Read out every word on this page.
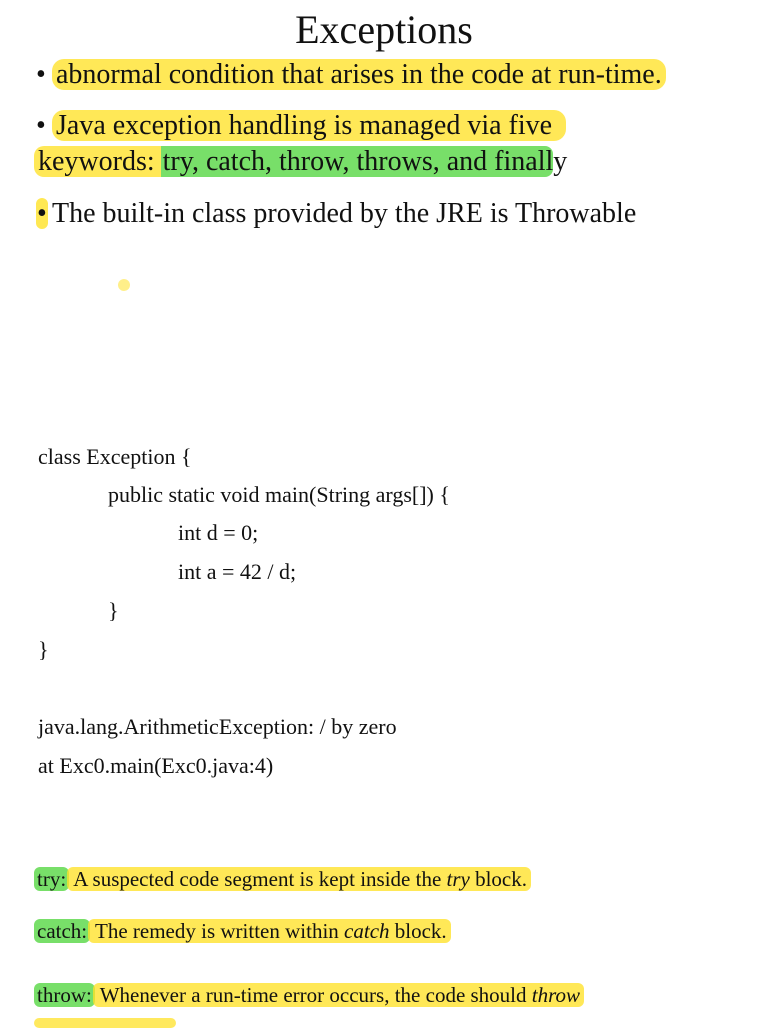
Exceptions
• abnormal condition that arises in the code at run-time.
• Java exception handling is managed via five
keywords: try, catch, throw, throws, and finally
• The built-in class provided by the JRE is Throwable
class Exception {
public static void main(String args[]) {
int d = 0;
int a = 42 / d;
}
}
java.lang.ArithmeticException: / by zero
at Exc0.main(Exc0.java:4)
try: A suspected code segment is kept inside the try block.
catch: The remedy is written within catch block.
throw: Whenever a run-time error occurs, the code should throw
